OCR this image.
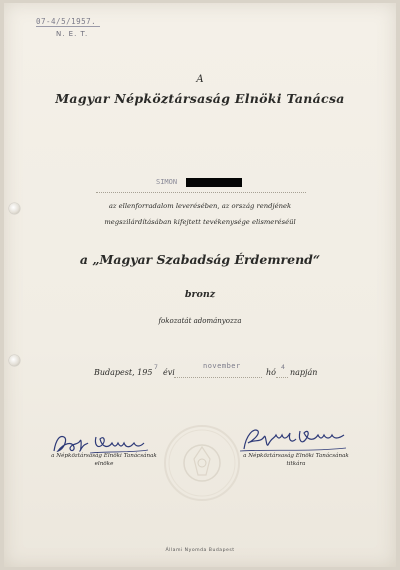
07-4/5/1957.
N. E. T.
A
Magyar Népköztársaság Elnöki Tanácsa
SIMON
az ellenforradalom leverésében, az ország rendjének
megszilárdításában kifejtett tevékenysége elismeréséül
a „Magyar Szabadság Érdemrend“
bronz
fokozatát adományozza
Budapest, 195
7
évi
november
hó
4
napján
a Népköztársaság Elnöki Tanácsának
elnöke
a Népköztársaság Elnöki Tanácsának
titkára
Állami Nyomda Budapest
